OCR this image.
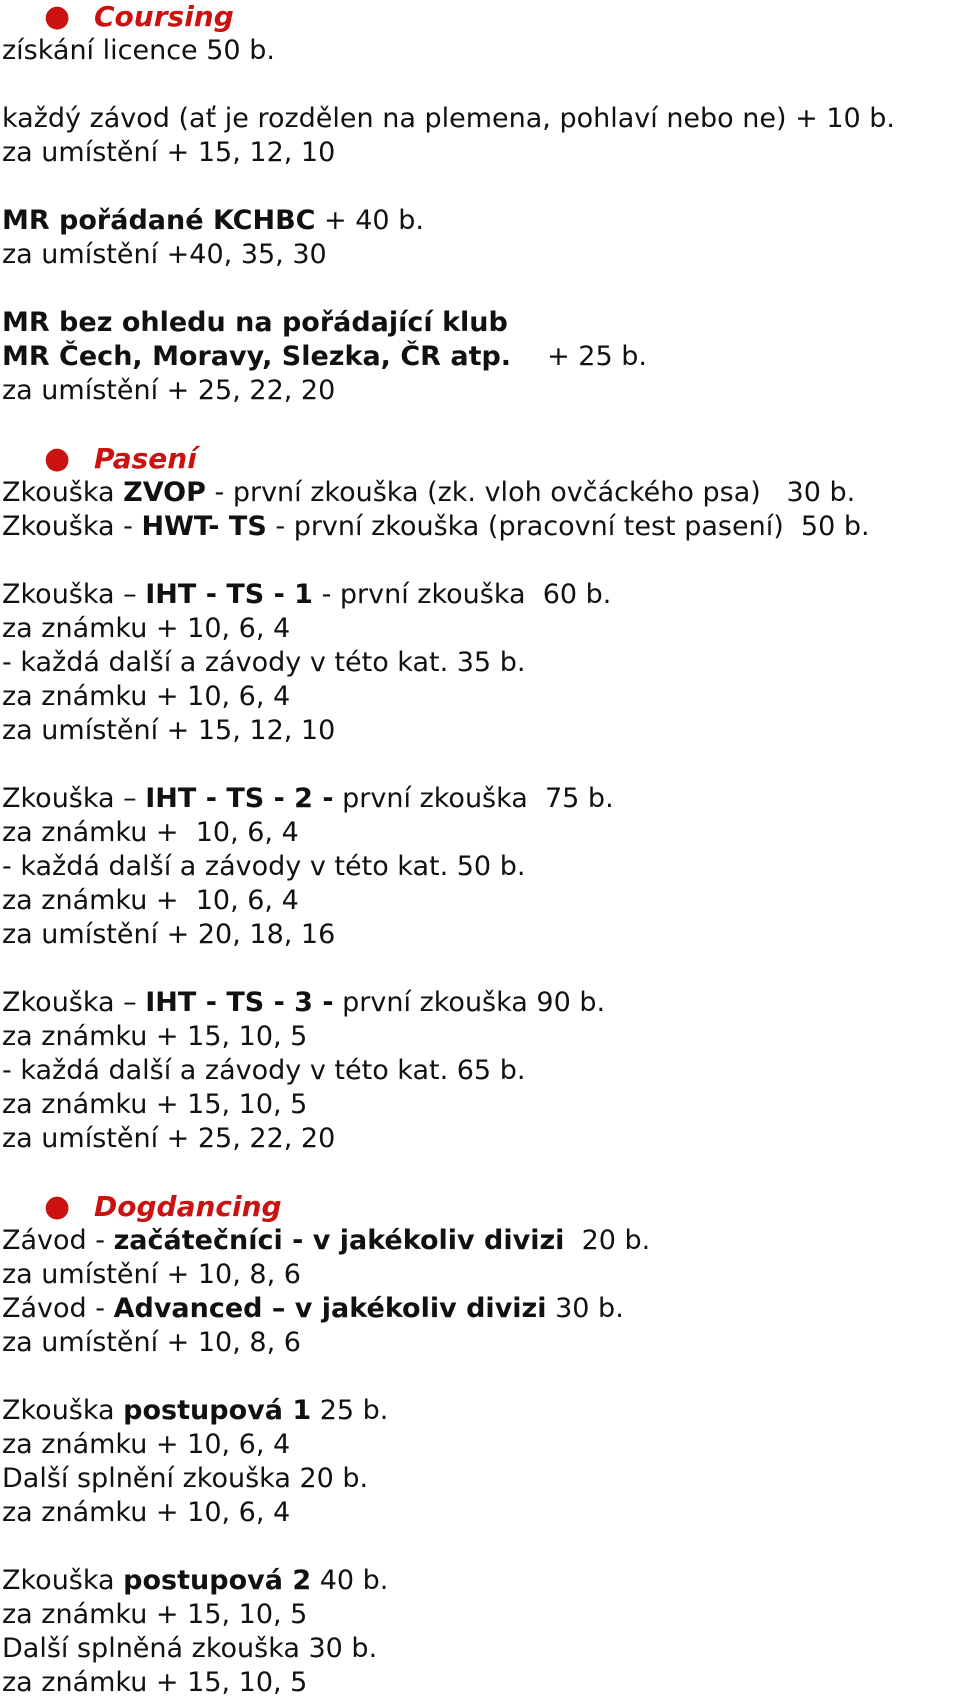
●

Coursing

získání licence 50 b.
každý závod (ať je rozdělen na plemena, pohlaví nebo ne) + 10 b.
za umístění + 15, 12, 10
MR pořádané KCHBC + 40 b.
za umístění +40, 35, 30
MR bez ohledu na pořádající klub
MR Čech, Moravy, Slezka, ČR atp. + 25 b.
za umístění + 25, 22, 20

●

Pasení

Zkouška ZVOP - první zkouška (zk. vloh ovčáckého psa)   30 b.
Zkouška - HWT- TS - první zkouška (pracovní test pasení)  50 b.
Zkouška – IHT - TS - 1 - první zkouška  60 b.
za známku + 10, 6, 4
- každá další a závody v této kat. 35 b.
za známku + 10, 6, 4
za umístění + 15, 12, 10
Zkouška – IHT - TS - 2 - první zkouška  75 b.
za známku +  10, 6, 4
- každá další a závody v této kat. 50 b.
za známku +  10, 6, 4
za umístění + 20, 18, 16
Zkouška – IHT - TS - 3 - první zkouška 90 b.
za známku + 15, 10, 5
- každá další a závody v této kat. 65 b.
za známku + 15, 10, 5
za umístění + 25, 22, 20

●

Dogdancing

Závod - začátečníci - v jakékoliv divizi  20 b.
za umístění + 10, 8, 6
Závod - Advanced – v jakékoliv divizi 30 b.
za umístění + 10, 8, 6
Zkouška postupová 1 25 b.
za známku + 10, 6, 4
Další splnění zkouška 20 b.
za známku + 10, 6, 4
Zkouška postupová 2 40 b.
za známku + 15, 10, 5
Další splněná zkouška 30 b.
za známku + 15, 10, 5
